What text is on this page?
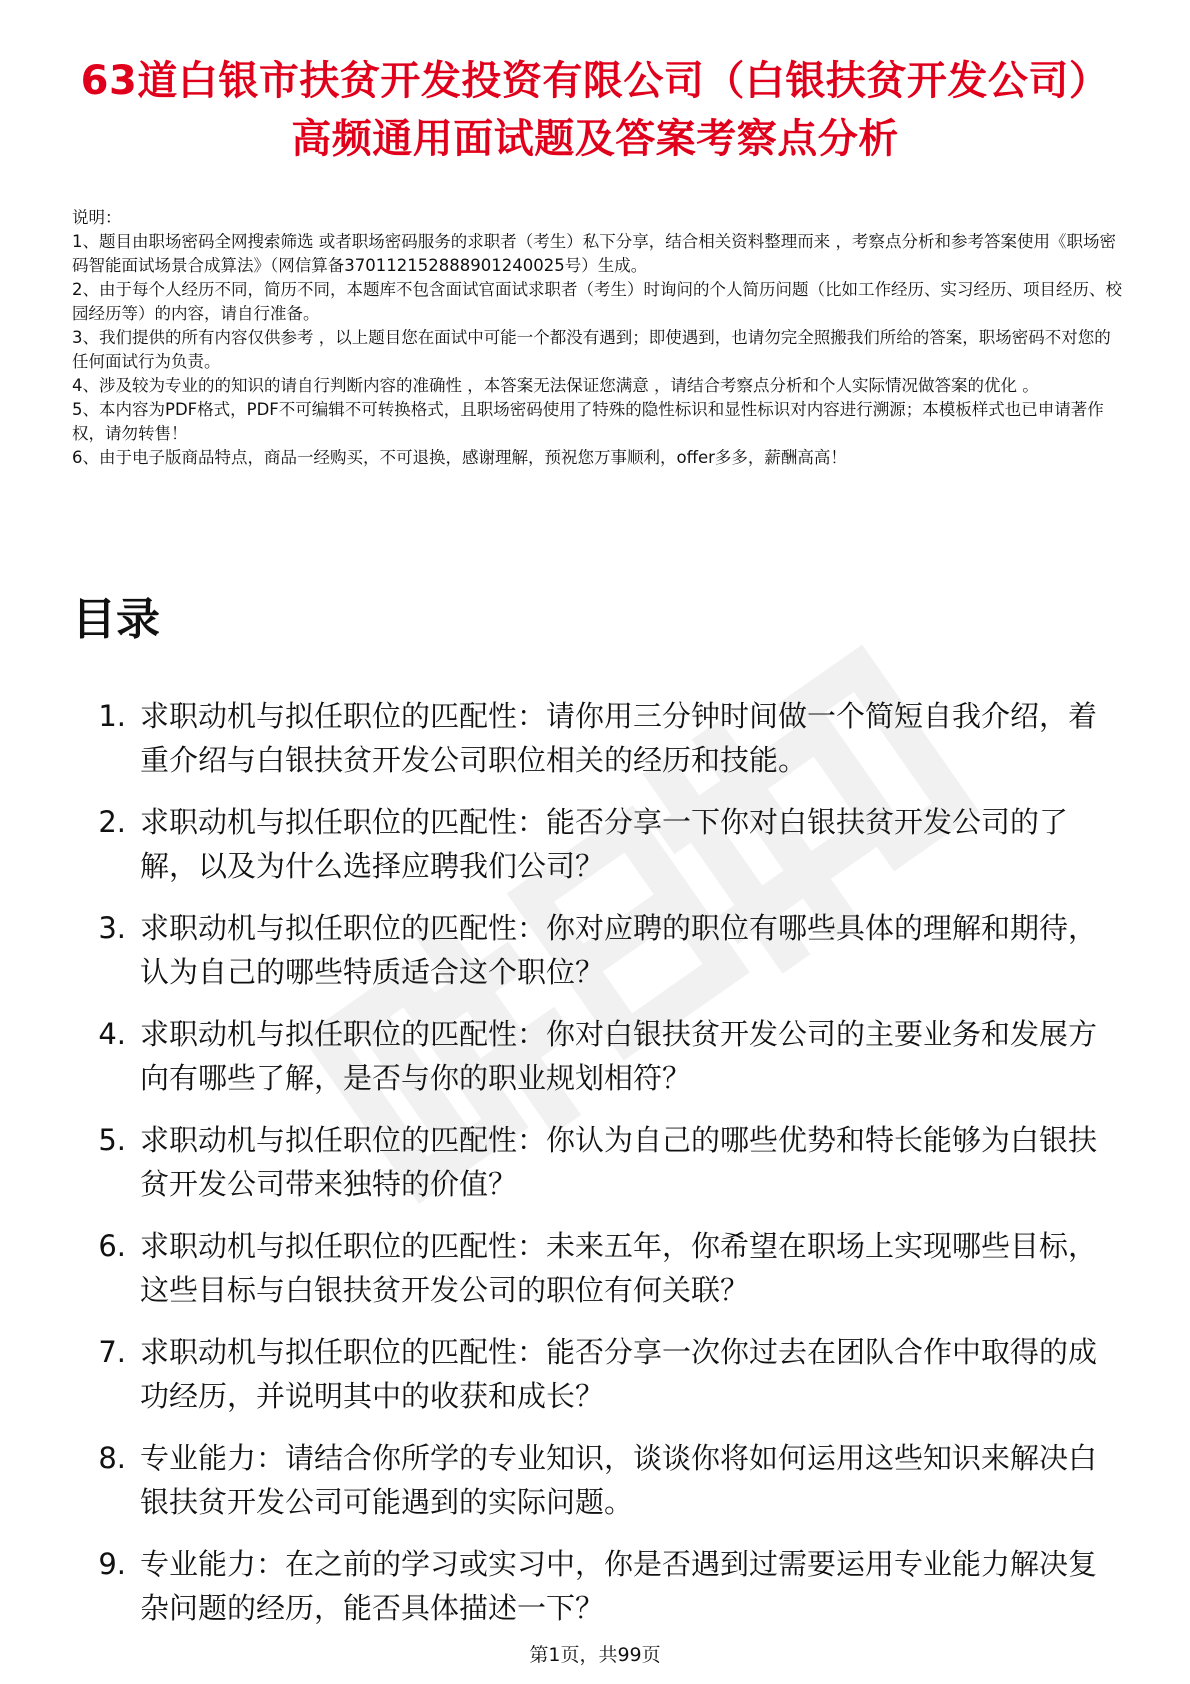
63道白银市扶贫开发投资有限公司（白银扶贫开发公司）高频通用面试题及答案考察点分析

说明：

1、题目由职场密码全网搜索筛选 或者职场密码服务的求职者（考生）私下分享，结合相关资料整理而来 ，考察点分析和参考答案使用《职场密码智能面试场景合成算法》（网信算备370112152888901240025号）生成。

2、由于每个人经历不同，简历不同，本题库不包含面试官面试求职者（考生）时询问的个人简历问题（比如工作经历、实习经历、项目经历、校园经历等）的内容，请自行准备。

3、我们提供的所有内容仅供参考 ，以上题目您在面试中可能一个都没有遇到；即使遇到，也请勿完全照搬我们所给的答案，职场密码不对您的任何面试行为负责。

4、涉及较为专业的的知识的请自行判断内容的准确性 ，本答案无法保证您满意 ，请结合考察点分析和个人实际情况做答案的优化 。

5、本内容为PDF格式，PDF不可编辑不可转换格式，且职场密码使用了特殊的隐性标识和显性标识对内容进行溯源；本模板样式也已申请著作权，请勿转售！

6、由于电子版商品特点，商品一经购买，不可退换，感谢理解，预祝您万事顺利，offer多多，薪酬高高！

目录
1. 求职动机与拟任职位的匹配性：请你用三分钟时间做一个简短自我介绍，着重介绍与白银扶贫开发公司职位相关的经历和技能。
2. 求职动机与拟任职位的匹配性：能否分享一下你对白银扶贫开发公司的了解，以及为什么选择应聘我们公司？
3. 求职动机与拟任职位的匹配性：你对应聘的职位有哪些具体的理解和期待，认为自己的哪些特质适合这个职位？
4. 求职动机与拟任职位的匹配性：你对白银扶贫开发公司的主要业务和发展方向有哪些了解，是否与你的职业规划相符？
5. 求职动机与拟任职位的匹配性：你认为自己的哪些优势和特长能够为白银扶贫开发公司带来独特的价值？
6. 求职动机与拟任职位的匹配性：未来五年，你希望在职场上实现哪些目标，这些目标与白银扶贫开发公司的职位有何关联？
7. 求职动机与拟任职位的匹配性：能否分享一次你过去在团队合作中取得的成功经历，并说明其中的收获和成长？
8. 专业能力：请结合你所学的专业知识，谈谈你将如何运用这些知识来解决白银扶贫开发公司可能遇到的实际问题。
9. 专业能力：在之前的学习或实习中，你是否遇到过需要运用专业能力解决复杂问题的经历，能否具体描述一下？
第1页，共99页
